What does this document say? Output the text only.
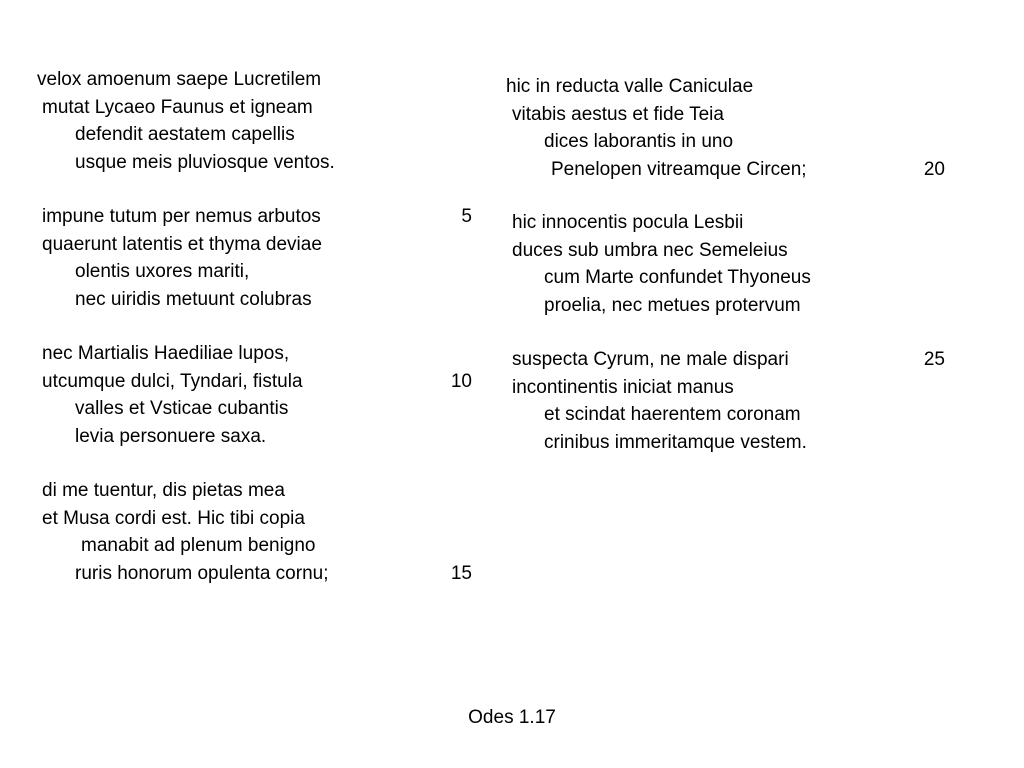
velox amoenum saepe Lucretilem
mutat Lycaeo Faunus et igneam
defendit aestatem capellis
usque meis pluviosque ventos.
impune tutum per nemus arbutos	5
quaerunt latentis et thyma deviae
olentis uxores mariti,
nec uiridis metuunt colubras
nec Martialis Haediliae lupos,
utcumque dulci, Tyndari, fistula	10
valles et Vsticae cubantis
levia personuere saxa.
di me tuentur, dis pietas mea
et Musa cordi est. Hic tibi copia
manabit ad plenum benigno
ruris honorum opulenta cornu;	15
hic in reducta valle Caniculae
vitabis aestus et fide Teia
dices laborantis in uno
Penelopen vitreamque Circen;	20
hic innocentis pocula Lesbii
duces sub umbra nec Semeleius
cum Marte confundet Thyoneus
proelia, nec metues protervum
suspecta Cyrum, ne male dispari	25
incontinentis iniciat manus
et scindat haerentem coronam
crinibus immeritamque vestem.
Odes 1.17
